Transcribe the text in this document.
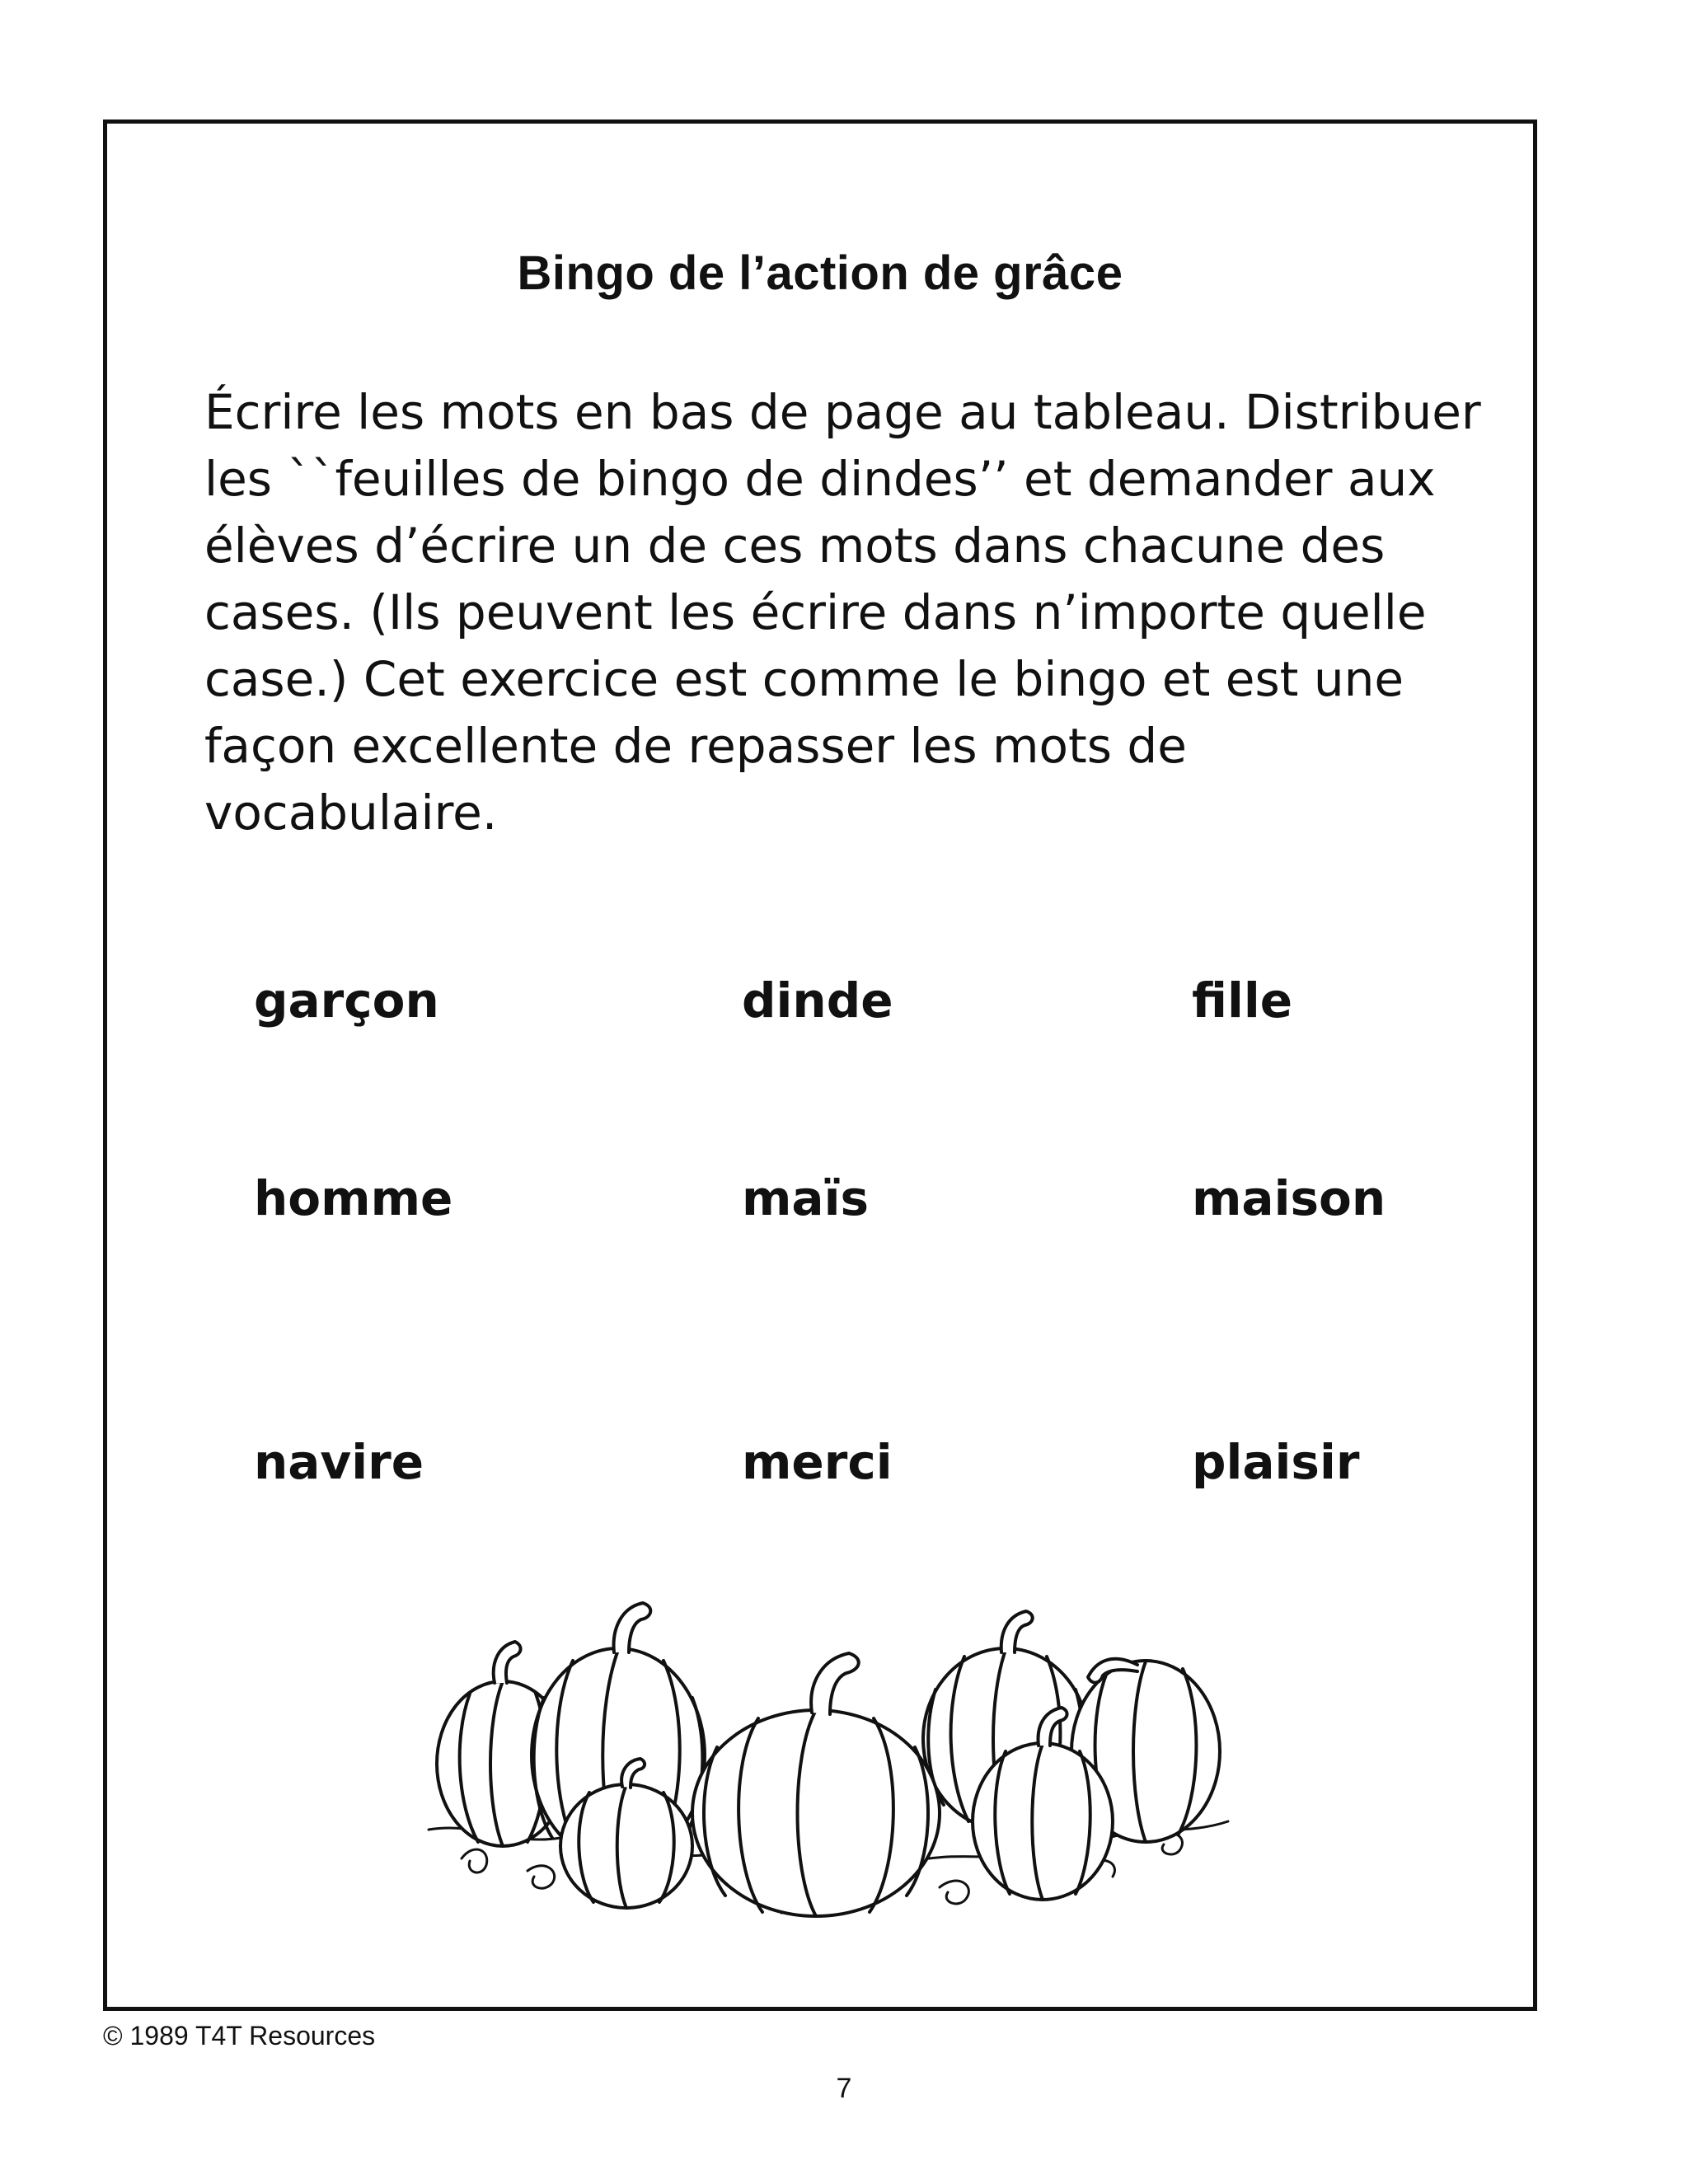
Bingo de l’action de grâce

Écrire les mots en bas de page au tableau. Distribuer les ``feuilles de bingo de dindes’’ et demander aux élèves d’écrire un de ces mots dans chacune des cases. (Ils peuvent les écrire dans n’importe quelle case.) Cet exercice est comme le bingo et est une façon excellente de repasser les mots de vocabulaire.

garçon	dinde	fille

homme	maïs	maison

navire	merci	plaisir

© 1989 T4T Resources

7
